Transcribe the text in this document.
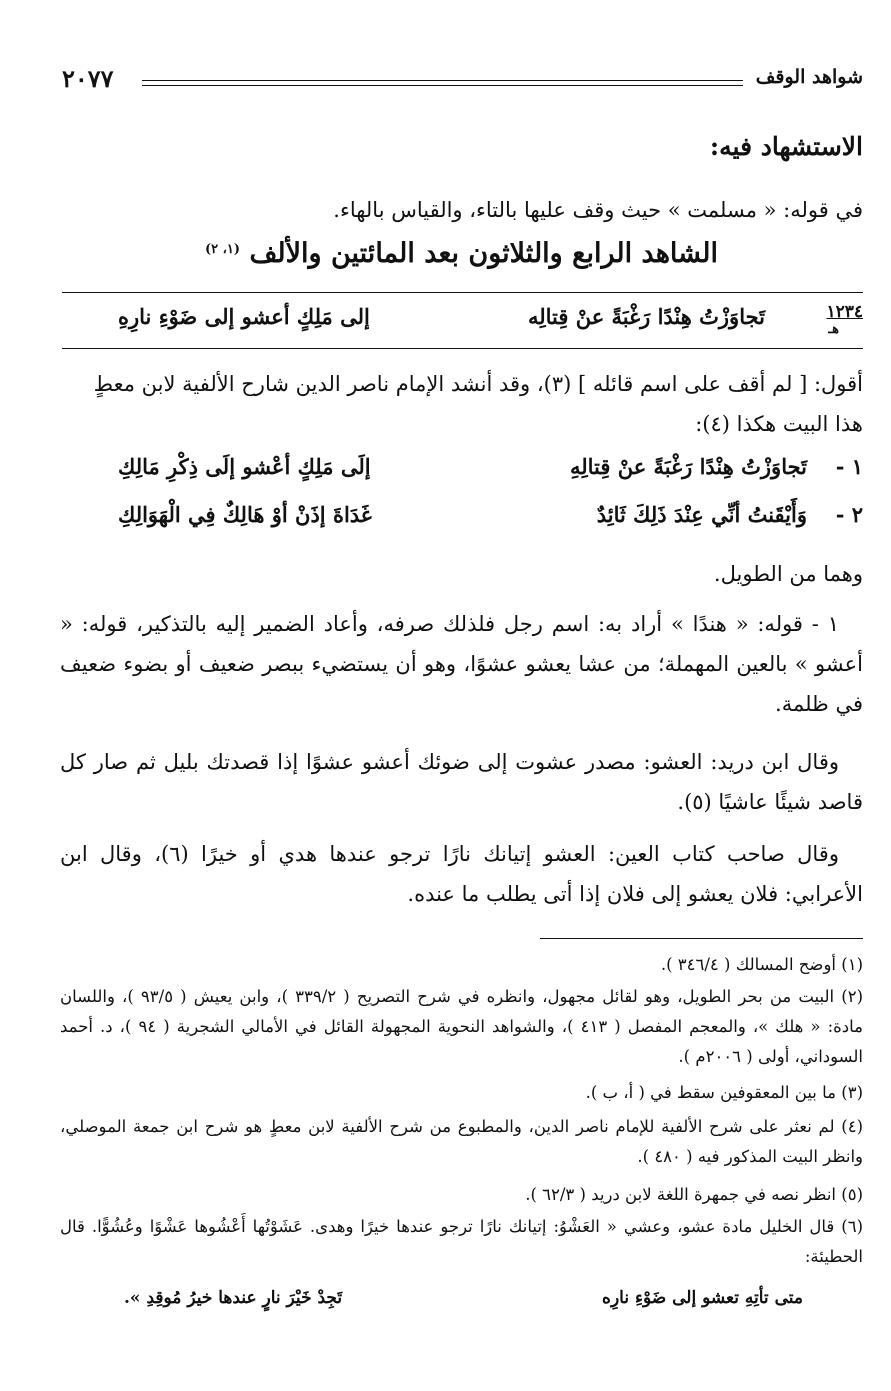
٢٠٧٧	شواهد الوقف
الاستشهاد فيه:
في قوله: « مسلمت » حيث وقف عليها بالتاء، والقياس بالهاء.
الشاهد الرابع والثلاثون بعد المائتين والألف $^{(١، ٢)}$
١٢٣٤
هـ
تَجاوَزْتُ هِنْدًا رَغْبَةً عنْ قِتالِه
إلى مَلِكٍ أعشو إلى ضَوْءِ نارِهِ
أقول: [ لم أقف على اسم قائله ] (٣)، وقد أنشد الإمام ناصر الدين شارح الألفية لابن معطٍ
هذا البيت هكذا (٤):
١ -
تَجاوَزْتُ هِنْدًا رَغْبَةً عنْ قِتالِهِ
إلَى مَلِكٍ أعْشو إلَى ذِكْرِ مَالِكِ
٢ -
وَأَيْقَنتُ أنِّي عِنْدَ ذَلِكَ ثَائِدٌ
غَدَاةَ إذَنْ أوْ هَالِكٌ فِي الْهَوَالِكِ
وهما من الطويل.
١ - قوله: « هندًا » أراد به: اسم رجل فلذلك صرفه، وأعاد الضمير إليه بالتذكير، قوله: « أعشو » بالعين المهملة؛ من عشا يعشو عشوًا، وهو أن يستضيء ببصر ضعيف أو بضوء ضعيف في ظلمة.
وقال ابن دريد: العشو: مصدر عشوت إلى ضوئك أعشو عشوًا إذا قصدتك بليل ثم صار كل قاصد شيئًا عاشيًا (٥).
وقال صاحب كتاب العين: العشو إتيانك نارًا ترجو عندها هدي أو خيرًا (٦)، وقال ابن الأعرابي: فلان يعشو إلى فلان إذا أتى يطلب ما عنده.
(١) أوضح المسالك ( ٣٤٦/٤ ).
(٢) البيت من بحر الطويل، وهو لقائل مجهول، وانظره في شرح التصريح ( ٣٣٩/٢ )، وابن يعيش ( ٩٣/٥ )، واللسان مادة: « هلك »، والمعجم المفصل ( ٤١٣ )، والشواهد النحوية المجهولة القائل في الأمالي الشجرية ( ٩٤ )، د. أحمد السوداني، أولى ( ٢٠٠٦م ).
(٣) ما بين المعقوفين سقط في ( أ، ب ).
(٤) لم نعثر على شرح الألفية للإمام ناصر الدين، والمطبوع من شرح الألفية لابن معطٍ هو شرح ابن جمعة الموصلي، وانظر البيت المذكور فيه ( ٤٨٠ ).
(٥) انظر نصه في جمهرة اللغة لابن دريد ( ٦٢/٣ ).
(٦) قال الخليل مادة عشو، وعشي « العَشْوُ: إتيانك نارًا ترجو عندها خيرًا وهدى. عَشَوْتُها أَعْشُوها عَشْوًا وعُشُوًّا. قال الحطيئة:
متى تأتِهِ تعشو إلى ضَوْءِ نارِه
تَجِدْ خَيْرَ نارٍ عندها خيرُ مُوقِدِ ».
